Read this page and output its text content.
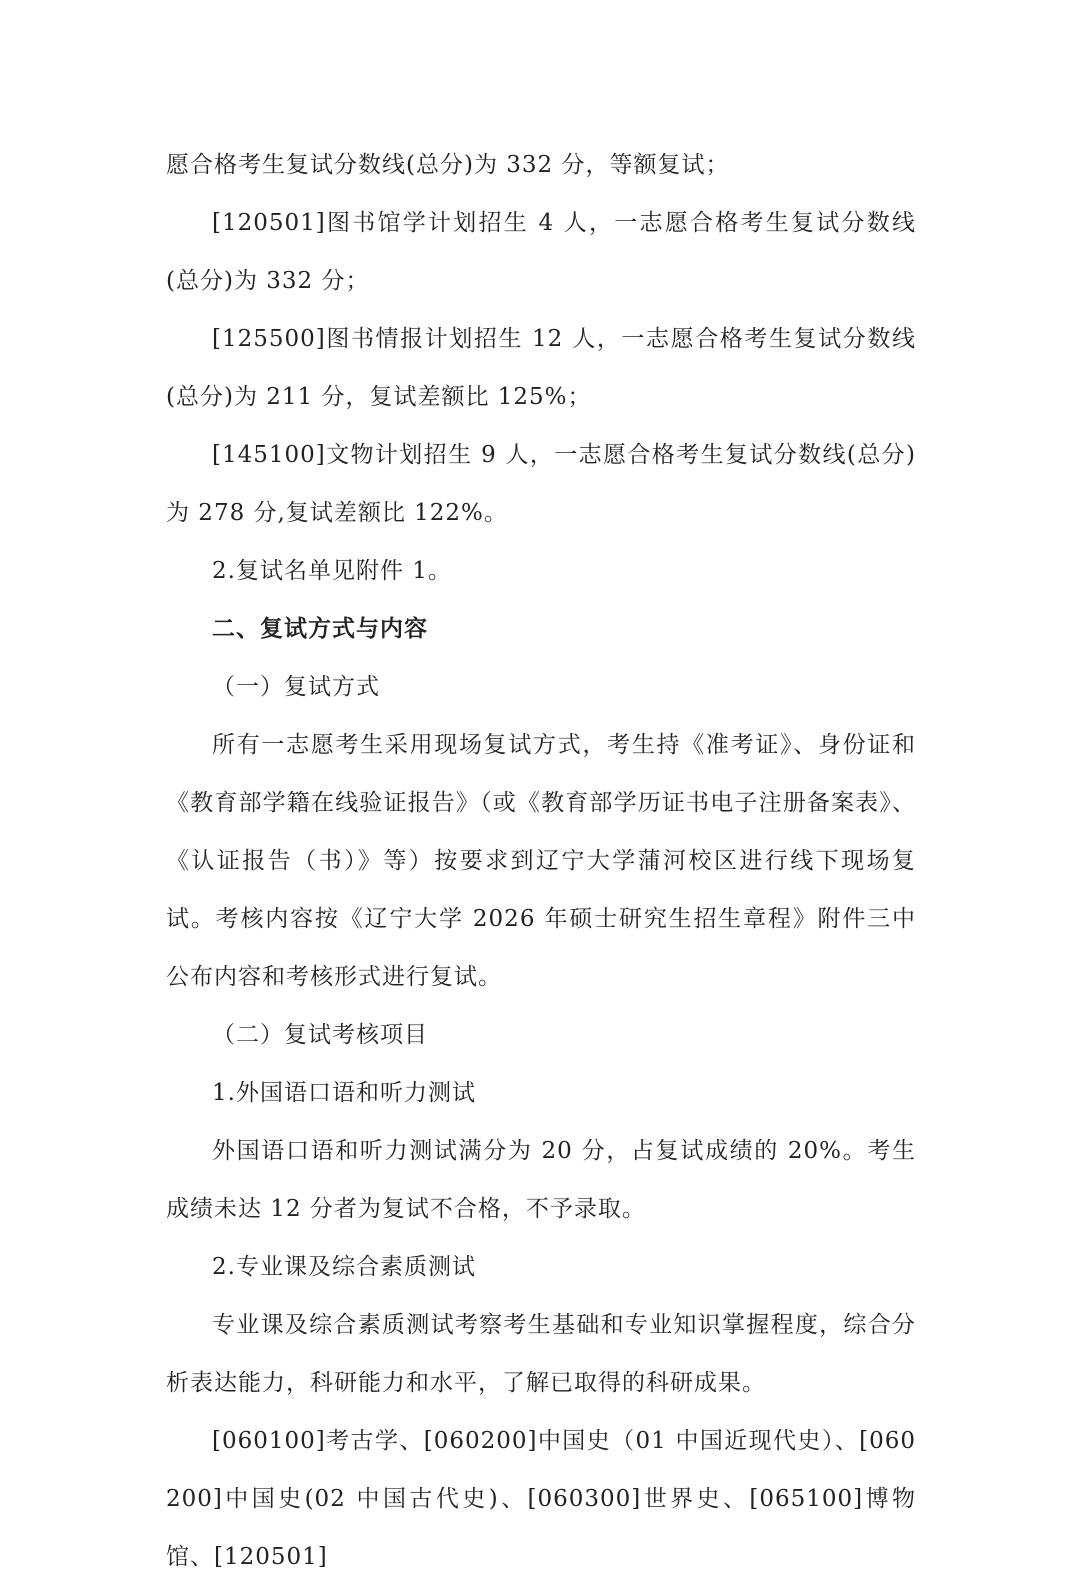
愿合格考生复试分数线(总分)为 332 分，等额复试；

[120501]图书馆学计划招生 4 人，一志愿合格考生复试分数线(总分)为 332 分；

[125500]图书情报计划招生 12 人，一志愿合格考生复试分数线(总分)为 211 分，复试差额比 125%；

[145100]文物计划招生 9 人，一志愿合格考生复试分数线(总分)为 278 分,复试差额比 122%。

2.复试名单见附件 1。

二、复试方式与内容

（一）复试方式

所有一志愿考生采用现场复试方式，考生持《准考证》、身份证和《教育部学籍在线验证报告》（或《教育部学历证书电子注册备案表》、《认证报告（书）》等）按要求到辽宁大学蒲河校区进行线下现场复试。考核内容按《辽宁大学 2026 年硕士研究生招生章程》附件三中公布内容和考核形式进行复试。

（二）复试考核项目

1.外国语口语和听力测试

外国语口语和听力测试满分为 20 分，占复试成绩的 20%。考生成绩未达 12 分者为复试不合格，不予录取。

2.专业课及综合素质测试

专业课及综合素质测试考察考生基础和专业知识掌握程度，综合分析表达能力，科研能力和水平，了解已取得的科研成果。

[060100]考古学、[060200]中国史（01 中国近现代史）、[060200]中国史(02 中国古代史)、[060300]世界史、[065100]博物馆、[120501]
